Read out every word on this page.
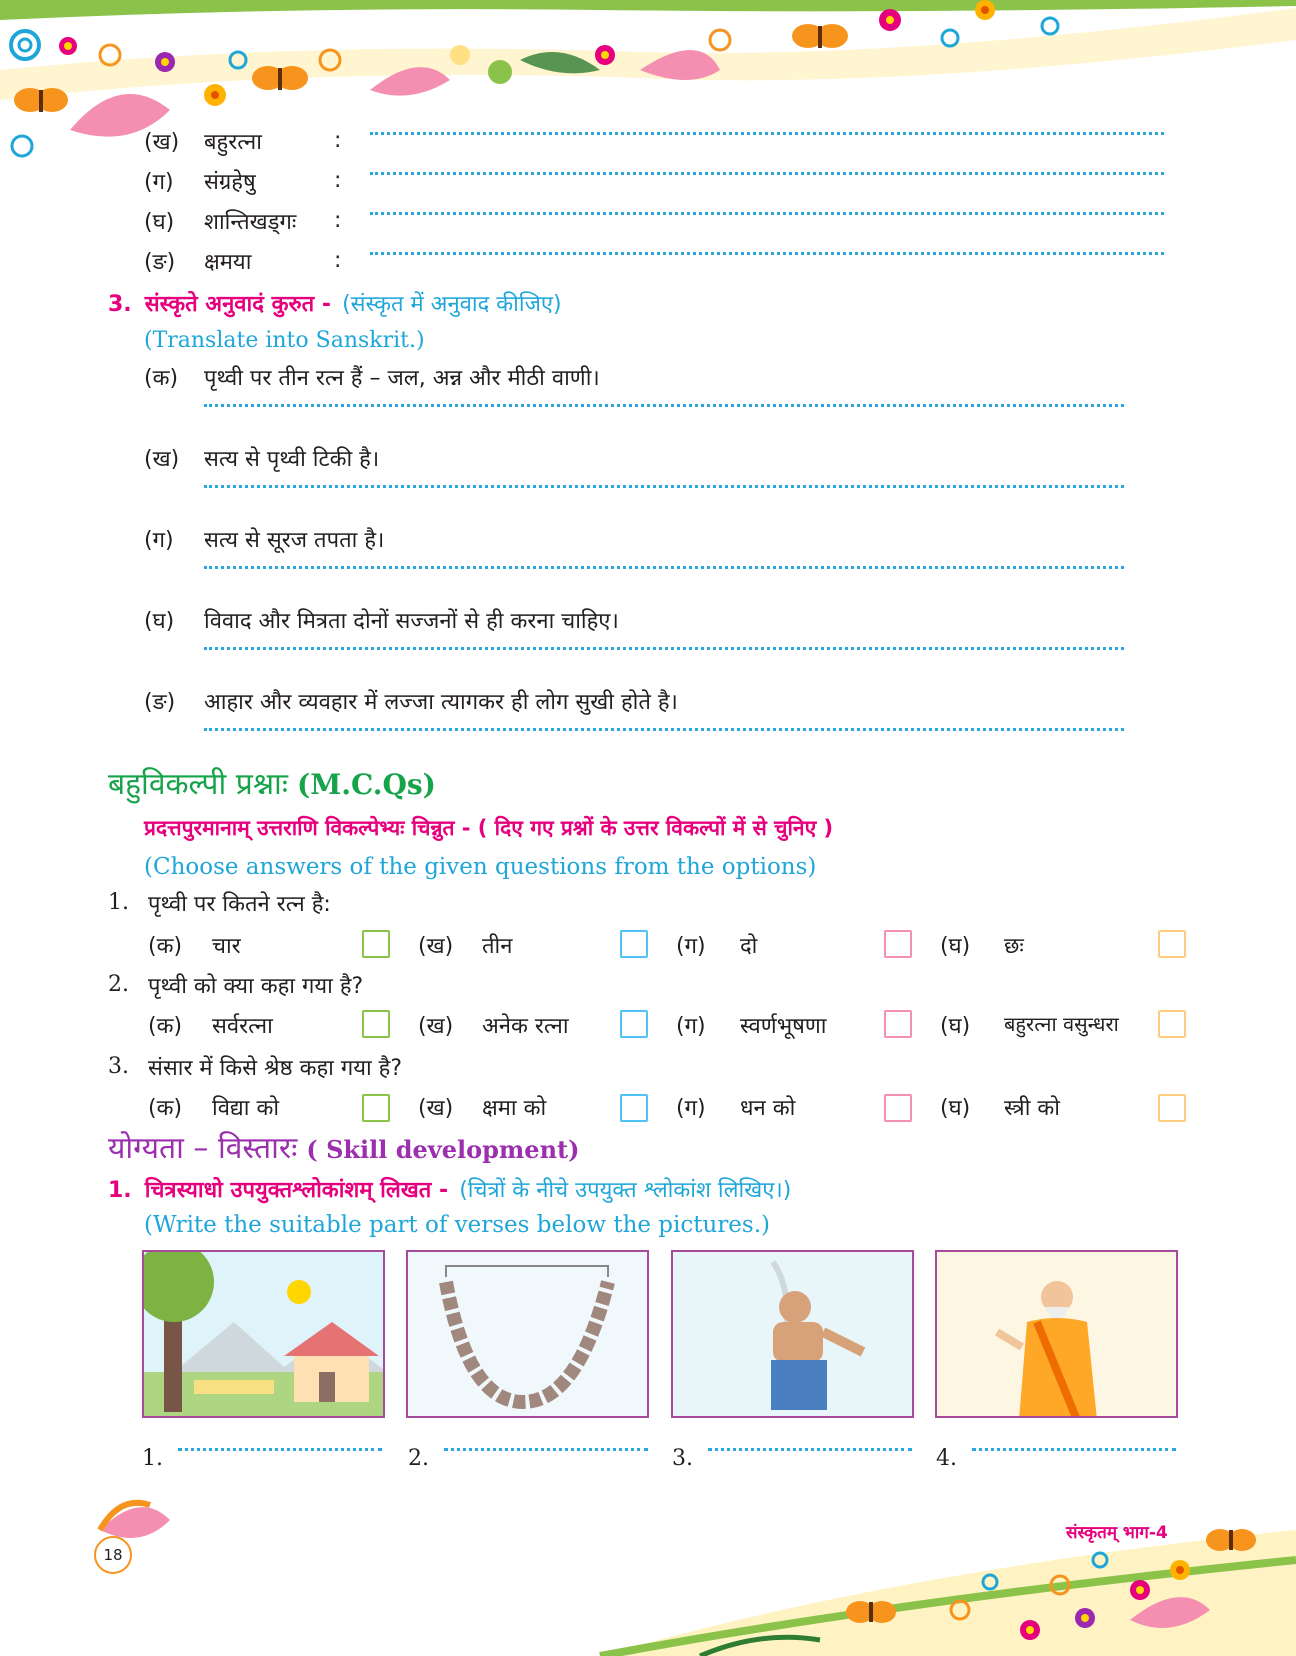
(ख) बहुरत्ना	:
(ग) संग्रहेषु	:
(घ) शान्तिखड्गः :
(ङ) क्षमया	:
3. संस्कृते अनुवादं कुरुत - (संस्कृत में अनुवाद कीजिए)
(Translate into Sanskrit.)
(क) पृथ्वी पर तीन रत्न हैं – जल, अन्न और मीठी वाणी।
(ख) सत्य से पृथ्वी टिकी है।
(ग) सत्य से सूरज तपता है।
(घ) विवाद और मित्रता दोनों सज्जनों से ही करना चाहिए।
(ङ) आहार और व्यवहार में लज्जा त्यागकर ही लोग सुखी होते है।
बहुविकल्पी प्रश्नाः (M.C.Qs)
प्रदत्तपुरमानाम् उत्तराणि विकल्पेभ्यः चिन्नुत - ( दिए गए प्रश्नों के उत्तर विकल्पों में से चुनिए )
(Choose answers of the given questions from the options)
1. पृथ्वी पर कितने रत्न है:
(क) चार	(ख) तीन	(ग) दो	(घ) छः
2. पृथ्वी को क्या कहा गया है?
(क) सर्वरत्ना	(ख) अनेक रत्ना	(ग) स्वर्णभूषणा	(घ) बहुरत्ना वसुन्धरा
3. संसार में किसे श्रेष्ठ कहा गया है?
(क) विद्या को	(ख) क्षमा को	(ग) धन को	(घ) स्त्री को
योग्यता – विस्तारः ( Skill development)
1. चित्रस्याधो उपयुक्तश्लोकांशम् लिखत - (चित्रों के नीचे उपयुक्त श्लोकांश लिखिए।)
(Write the suitable part of verses below the pictures.)
1.	2.	3.	4.
18
संस्कृतम् भाग-4
